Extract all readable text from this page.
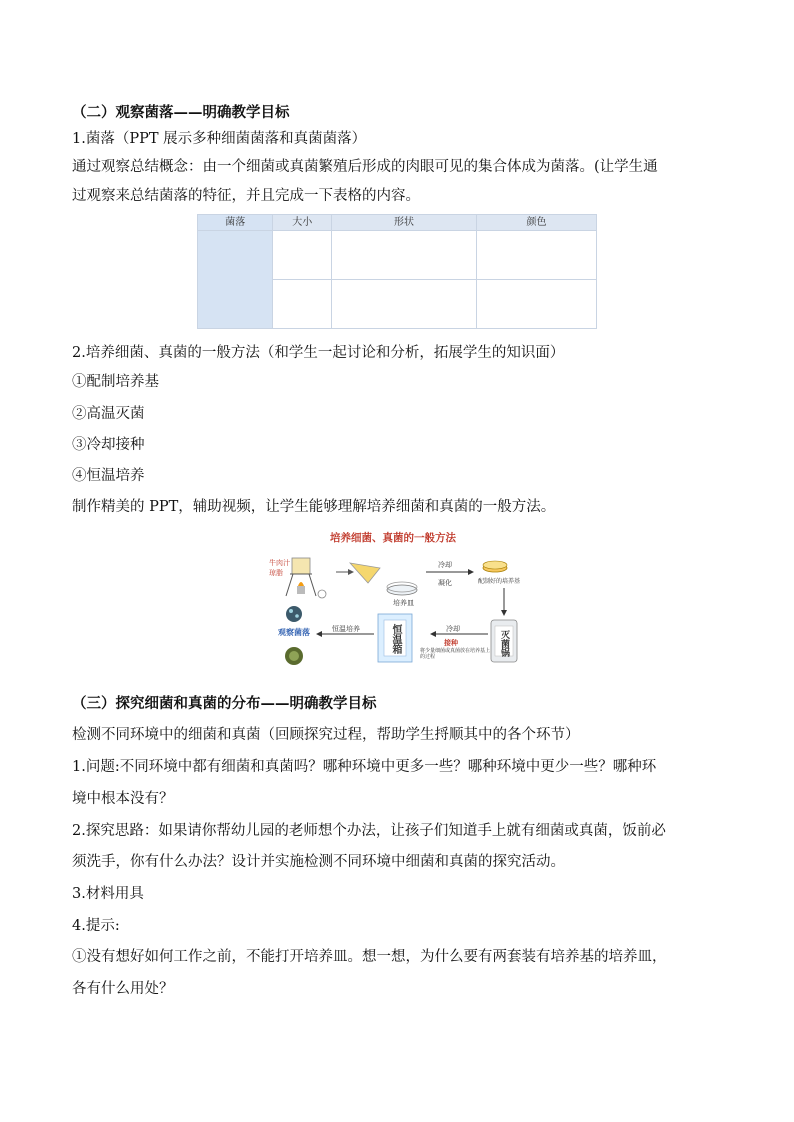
（二）观察菌落——明确教学目标
1.菌落（PPT 展示多种细菌菌落和真菌菌落）
通过观察总结概念：由一个细菌或真菌繁殖后形成的肉眼可见的集合体成为菌落。(让学生通
过观察来总结菌落的特征，并且完成一下表格的内容。
菌落	大小	形状	颜色

2.培养细菌、真菌的一般方法（和学生一起讨论和分析，拓展学生的知识面）
①配制培养基
②高温灭菌
③冷却接种
④恒温培养
制作精美的 PPT，辅助视频，让学生能够理解培养细菌和真菌的一般方法。
培养细菌、真菌的一般方法
牛肉汁
琼脂
培养皿
冷却
凝化	配制好的培养基
灭菌锅
恒温箱	冷却
接种
将少量细菌或真菌放在培养基上的过程
恒温培养
观察菌落
（三）探究细菌和真菌的分布——明确教学目标
检测不同环境中的细菌和真菌（回顾探究过程，帮助学生捋顺其中的各个环节）
1.问题:不同环境中都有细菌和真菌吗？哪种环境中更多一些？哪种环境中更少一些？哪种环
境中根本没有？
2.探究思路：如果请你帮幼儿园的老师想个办法，让孩子们知道手上就有细菌或真菌，饭前必
须洗手，你有什么办法？设计并实施检测不同环境中细菌和真菌的探究活动。
3.材料用具
4.提示:
①没有想好如何工作之前，不能打开培养皿。想一想，为什么要有两套装有培养基的培养皿，
各有什么用处？
